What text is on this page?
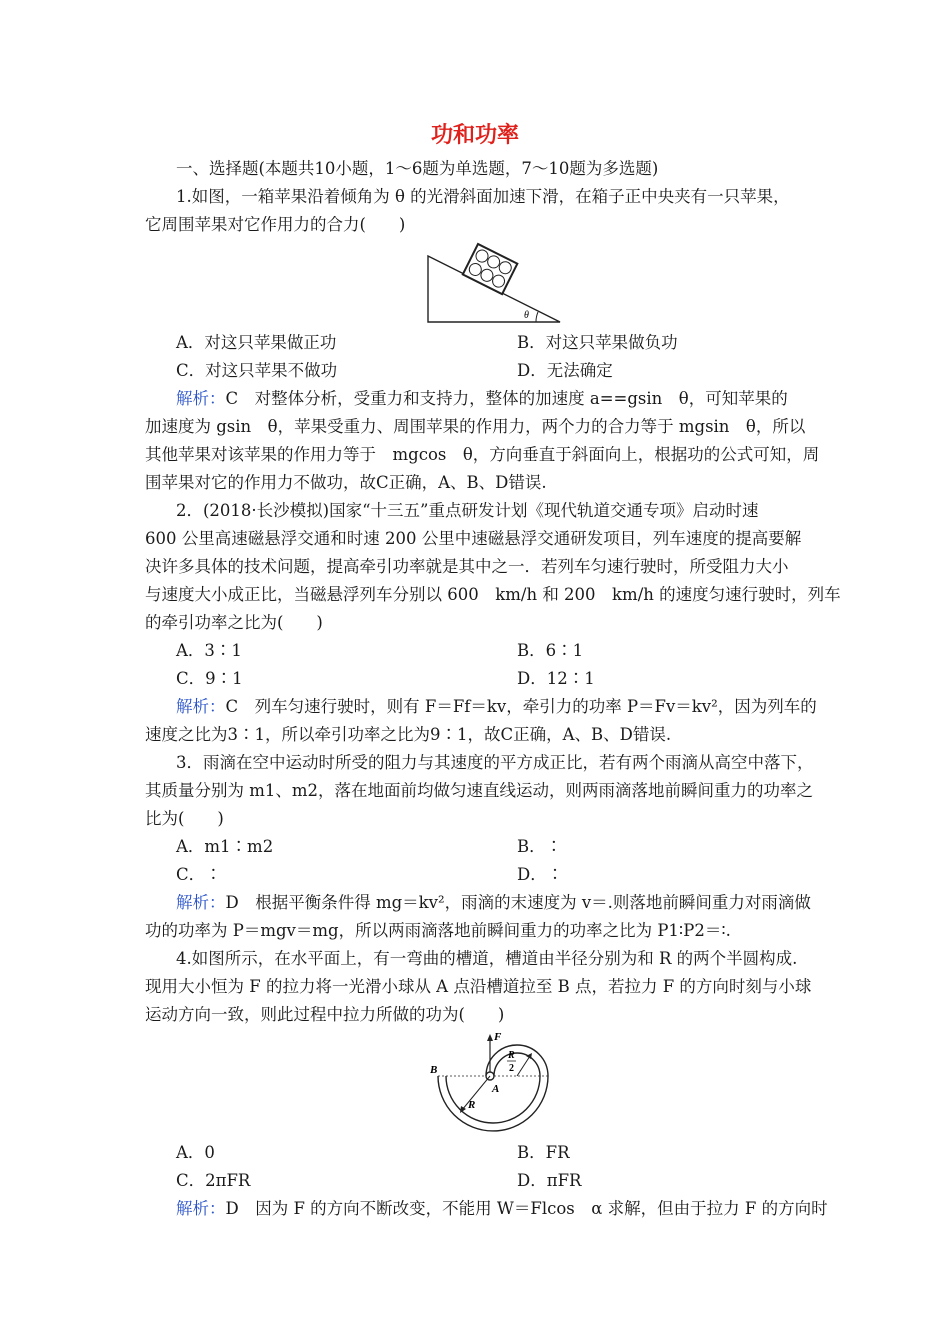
功和功率
一、选择题(本题共10小题，1～6题为单选题，7～10题为多选题)
1.如图，一箱苹果沿着倾角为 θ 的光滑斜面加速下滑，在箱子正中央夹有一只苹果，
它周围苹果对它作用力的合力(　　)
θ
A．对这只苹果做正功	B．对这只苹果做负功
C．对这只苹果不做功	D．无法确定
解析：C　对整体分析，受重力和支持力，整体的加速度 a==gsin　θ，可知苹果的
加速度为 gsin　θ，苹果受重力、周围苹果的作用力，两个力的合力等于 mgsin　θ，所以
其他苹果对该苹果的作用力等于　mgcos　θ，方向垂直于斜面向上，根据功的公式可知，周
围苹果对它的作用力不做功，故C正确，A、B、D错误.
2．(2018·长沙模拟)国家“十三五”重点研发计划《现代轨道交通专项》启动时速
600 公里高速磁悬浮交通和时速 200 公里中速磁悬浮交通研发项目，列车速度的提高要解
决许多具体的技术问题，提高牵引功率就是其中之一．若列车匀速行驶时，所受阻力大小
与速度大小成正比，当磁悬浮列车分别以 600　km/h 和 200　km/h 的速度匀速行驶时，列车
的牵引功率之比为(　　)
A．3∶1	B．6∶1
C．9∶1	D．12∶1
解析：C　列车匀速行驶时，则有 F＝Ff＝kv，牵引力的功率 P＝Fv＝kv²，因为列车的
速度之比为3∶1，所以牵引功率之比为9∶1，故C正确，A、B、D错误.
3．雨滴在空中运动时所受的阻力与其速度的平方成正比，若有两个雨滴从高空中落下，
其质量分别为 m1、m2，落在地面前均做匀速直线运动，则两雨滴落地前瞬间重力的功率之
比为(　　)
A．m1∶m2	B．∶
C．∶	D．∶
解析：D　根据平衡条件得 mg＝kv²，雨滴的末速度为 v＝.则落地前瞬间重力对雨滴做
功的功率为 P＝mgv＝mg，所以两雨滴落地前瞬间重力的功率之比为 P1∶P2＝∶.
4.如图所示，在水平面上，有一弯曲的槽道，槽道由半径分别为和 R 的两个半圆构成.
现用大小恒为 F 的拉力将一光滑小球从 A 点沿槽道拉至 B 点，若拉力 F 的方向时刻与小球
运动方向一致，则此过程中拉力所做的功为(　　)
F
B
A
R
R
2
A．0	B．FR
C．2πFR	D．πFR
解析：D　因为 F 的方向不断改变，不能用 W＝Flcos　α 求解，但由于拉力 F 的方向时
